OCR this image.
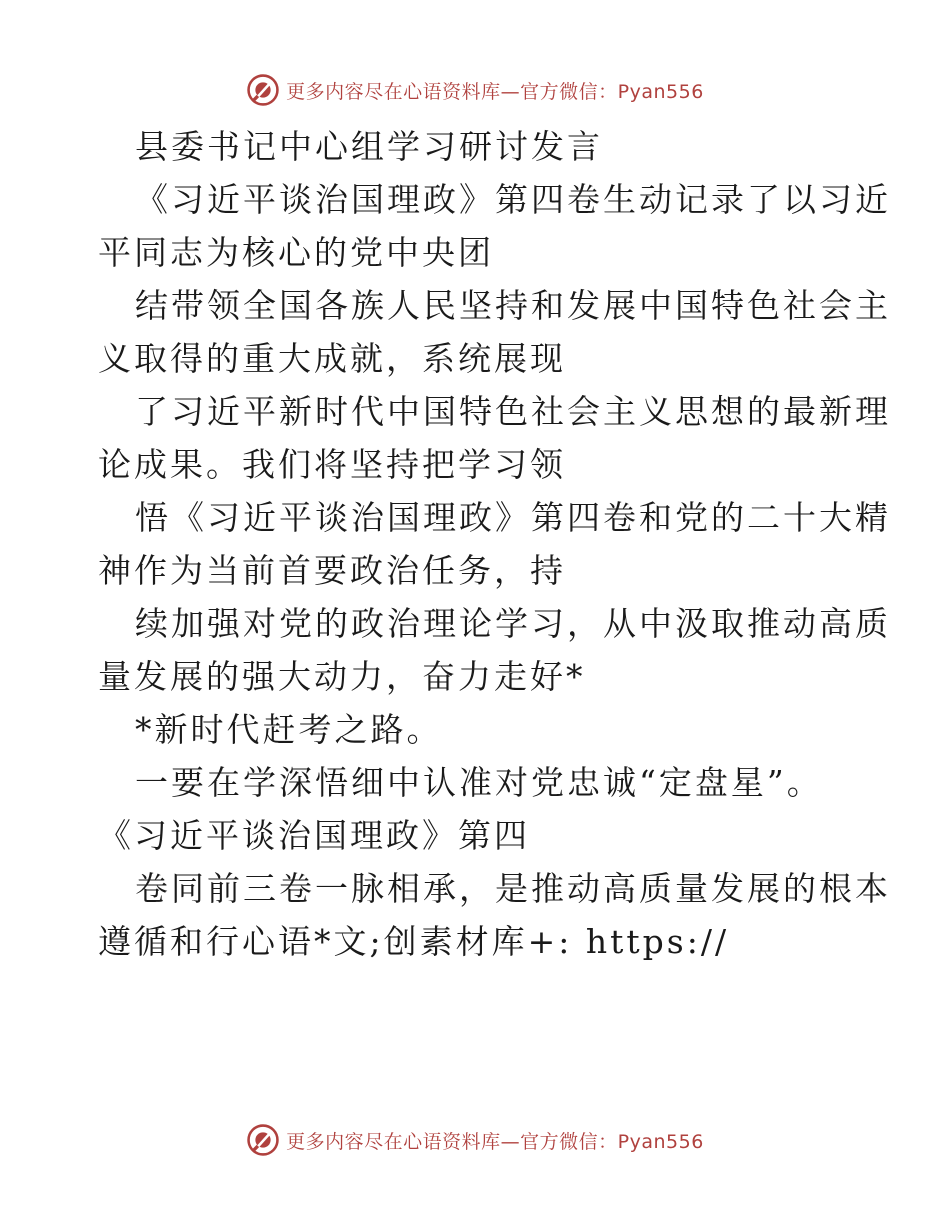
更多内容尽在心语资料库—官方微信：Pyan556
县委书记中心组学习研讨发言
《习近平谈治国理政》第四卷生动记录了以习近
平同志为核心的党中央团
结带领全国各族人民坚持和发展中国特色社会主
义取得的重大成就，系统展现
了习近平新时代中国特色社会主义思想的最新理
论成果。我们将坚持把学习领
悟《习近平谈治国理政》第四卷和党的二十大精
神作为当前首要政治任务，持
续加强对党的政治理论学习，从中汲取推动高质
量发展的强大动力，奋力走好*
*新时代赶考之路。
一要在学深悟细中认准对党忠诚“定盘星”。
《习近平谈治国理政》第四
卷同前三卷一脉相承，是推动高质量发展的根本
遵循和行心语*文;创素材库+: https://
更多内容尽在心语资料库—官方微信：Pyan556
